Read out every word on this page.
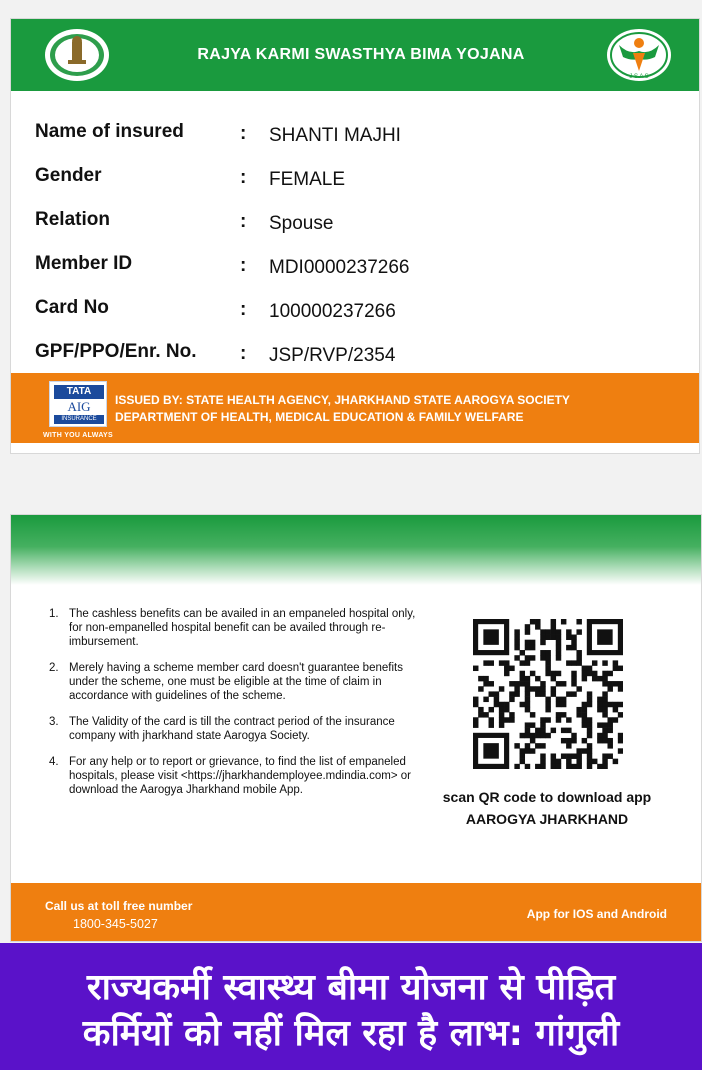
RAJYA KARMI SWASTHYA BIMA YOJANA
J S A S
Name of insured	: SHANTI MAJHI
Gender	: FEMALE
Relation	: Spouse
Member ID	: MDI0000237266
Card No	: 100000237266
GPF/PPO/Enr. No. : JSP/RVP/2354
TATA
AIG
INSURANCE
WITH YOU ALWAYS
ISSUED BY: STATE HEALTH AGENCY, JHARKHAND STATE AAROGYA SOCIETY
DEPARTMENT OF HEALTH, MEDICAL EDUCATION & FAMILY WELFARE
1. The cashless benefits can be availed in an empaneled hospital only, for non-empanelled hospital benefit can be availed through re-imbursement.
2. Merely having a scheme member card doesn't guarantee benefits under the scheme, one must be eligible at the time of claim in accordance with guidelines of the scheme.
3. The Validity of the card is till the contract period of the insurance company with jharkhand state Aarogya Society.
4. For any help or to report or grievance, to find the list of empaneled hospitals, please visit <https://jharkhandemployee.mdindia.com> or download the Aarogya Jharkhand mobile App.	scan QR code to download app
AAROGYA JHARKHAND
Call us at toll free number
1800-345-5027
App for IOS and Android
राज्यकर्मी स्वास्थ्य बीमा योजना से पीड़ित
कर्मियों को नहीं मिल रहा है लाभ: गांगुली
